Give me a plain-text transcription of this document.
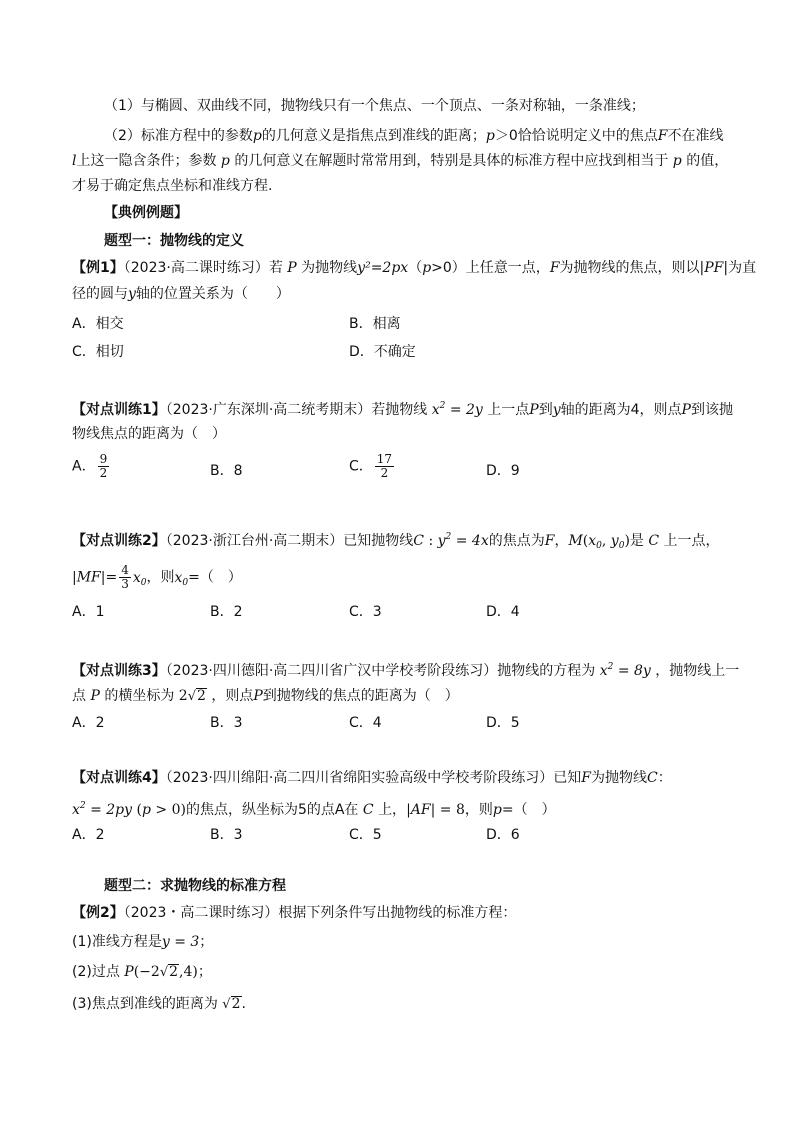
（1）与椭圆、双曲线不同，抛物线只有一个焦点、一个顶点、一条对称轴，一条准线；
（2）标准方程中的参数p的几何意义是指焦点到准线的距离；p＞0恰恰说明定义中的焦点F不在准线
l上这一隐含条件；参数 p 的几何意义在解题时常常用到，特别是具体的标准方程中应找到相当于 p 的值，
才易于确定焦点坐标和准线方程.
【典例例题】
题型一：抛物线的定义
【例1】（2023·高二课时练习）若 P 为抛物线y²=2px（p>0）上任意一点，F为抛物线的焦点，则以|PF|为直
径的圆与y轴的位置关系为（　　）
A．相交	B．相离
C．相切	D．不确定
【对点训练1】（2023·广东深圳·高二统考期末）若抛物线 $x^2 = 2y$ 上一点P到y轴的距离为4，则点P到该抛
物线焦点的距离为（　）
A． $\frac{9}{2}$	B．8	C． $\frac{17}{2}$	D．9
【对点训练2】（2023·浙江台州·高二期末）已知抛物线C : $y^2 = 4x$的焦点为F，$M(x_0$, $y_0$)是 C 上一点，
$|MF|= \frac{4}{3} x_0$，则$x_0=$（　）
A．1	B．2	C．3	D．4
【对点训练3】（2023·四川德阳·高二四川省广汉中学校考阶段练习）抛物线的方程为 $x^2 = 8y$ ，抛物线上一
点 P 的横坐标为 2√2 ，则点P到抛物线的焦点的距离为（　）
A．2	B．3	C．4	D．5
【对点训练4】（2023·四川绵阳·高二四川省绵阳实验高级中学校考阶段练习）已知F为抛物线C：
$x^2 = 2py$ (p > 0)的焦点，纵坐标为5的点A在 C 上，|AF| = 8，则p=（　）
A．2	B．3	C．5	D．6
题型二：求抛物线的标准方程
【例2】（2023・高二课时练习）根据下列条件写出抛物线的标准方程：
(1)准线方程是y = 3；
(2)过点 P(−2√2,4)；
(3)焦点到准线的距离为 √2.
